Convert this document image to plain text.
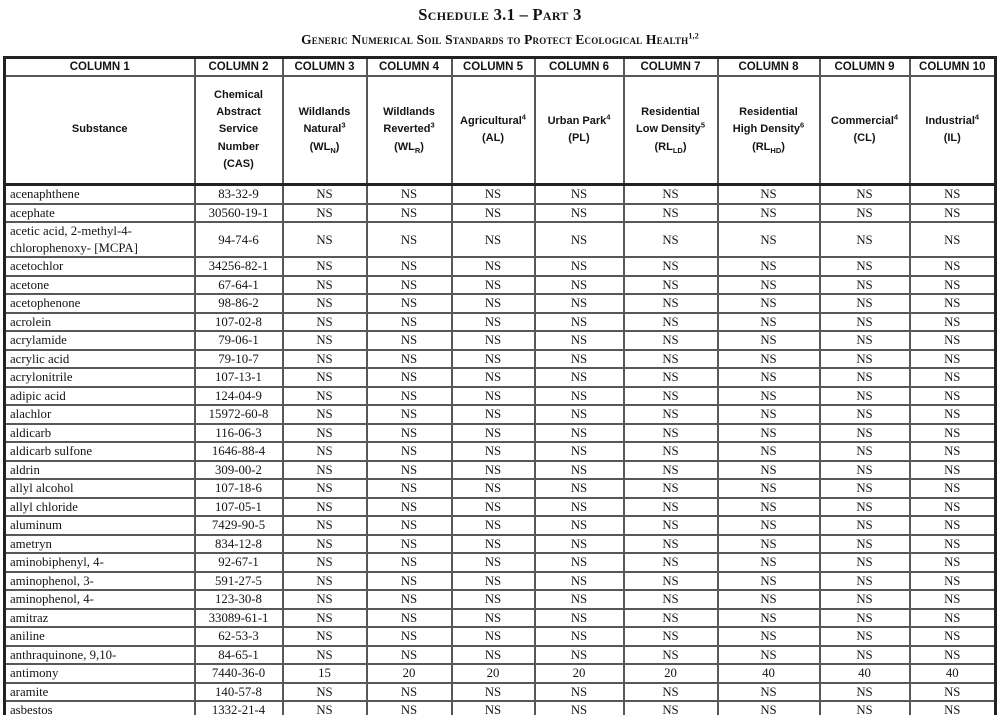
Schedule 3.1 – Part 3
Generic Numerical Soil Standards to Protect Ecological Health$^{1,2}$
COLUMN 1	COLUMN 2	COLUMN 3	COLUMN 4	COLUMN 5	COLUMN 6	COLUMN 7	COLUMN 8	COLUMN 9	COLUMN 10
Substance	Chemical
Abstract
Service
Number
(CAS)	Wildlands
Natural$^3$
$(WL_N)$	Wildlands
Reverted$^3$
$(WL_R)$	Agricultural$^4$
(AL)	Urban Park$^4$
(PL)	Residential
Low Density$^5$
$(RL_{LD})$	Residential
High Density$^6$
$(RL_{HD})$	Commercial$^4$
(CL)	Industrial$^4$
(IL)
acenaphthene	83-32-9	NS	NS	NS	NS	NS	NS	NS	NS
acephate	30560-19-1	NS	NS	NS	NS	NS	NS	NS	NS
acetic acid, 2-methyl-4-chlorophenoxy- [MCPA]	94-74-6	NS	NS	NS	NS	NS	NS	NS	NS
acetochlor	34256-82-1	NS	NS	NS	NS	NS	NS	NS	NS
acetone	67-64-1	NS	NS	NS	NS	NS	NS	NS	NS
acetophenone	98-86-2	NS	NS	NS	NS	NS	NS	NS	NS
acrolein	107-02-8	NS	NS	NS	NS	NS	NS	NS	NS
acrylamide	79-06-1	NS	NS	NS	NS	NS	NS	NS	NS
acrylic acid	79-10-7	NS	NS	NS	NS	NS	NS	NS	NS
acrylonitrile	107-13-1	NS	NS	NS	NS	NS	NS	NS	NS
adipic acid	124-04-9	NS	NS	NS	NS	NS	NS	NS	NS
alachlor	15972-60-8	NS	NS	NS	NS	NS	NS	NS	NS
aldicarb	116-06-3	NS	NS	NS	NS	NS	NS	NS	NS
aldicarb sulfone	1646-88-4	NS	NS	NS	NS	NS	NS	NS	NS
aldrin	309-00-2	NS	NS	NS	NS	NS	NS	NS	NS
allyl alcohol	107-18-6	NS	NS	NS	NS	NS	NS	NS	NS
allyl chloride	107-05-1	NS	NS	NS	NS	NS	NS	NS	NS
aluminum	7429-90-5	NS	NS	NS	NS	NS	NS	NS	NS
ametryn	834-12-8	NS	NS	NS	NS	NS	NS	NS	NS
aminobiphenyl, 4-	92-67-1	NS	NS	NS	NS	NS	NS	NS	NS
aminophenol, 3-	591-27-5	NS	NS	NS	NS	NS	NS	NS	NS
aminophenol, 4-	123-30-8	NS	NS	NS	NS	NS	NS	NS	NS
amitraz	33089-61-1	NS	NS	NS	NS	NS	NS	NS	NS
aniline	62-53-3	NS	NS	NS	NS	NS	NS	NS	NS
anthraquinone, 9,10-	84-65-1	NS	NS	NS	NS	NS	NS	NS	NS
antimony	7440-36-0	15	20	20	20	20	40	40	40
aramite	140-57-8	NS	NS	NS	NS	NS	NS	NS	NS
asbestos	1332-21-4	NS	NS	NS	NS	NS	NS	NS	NS
